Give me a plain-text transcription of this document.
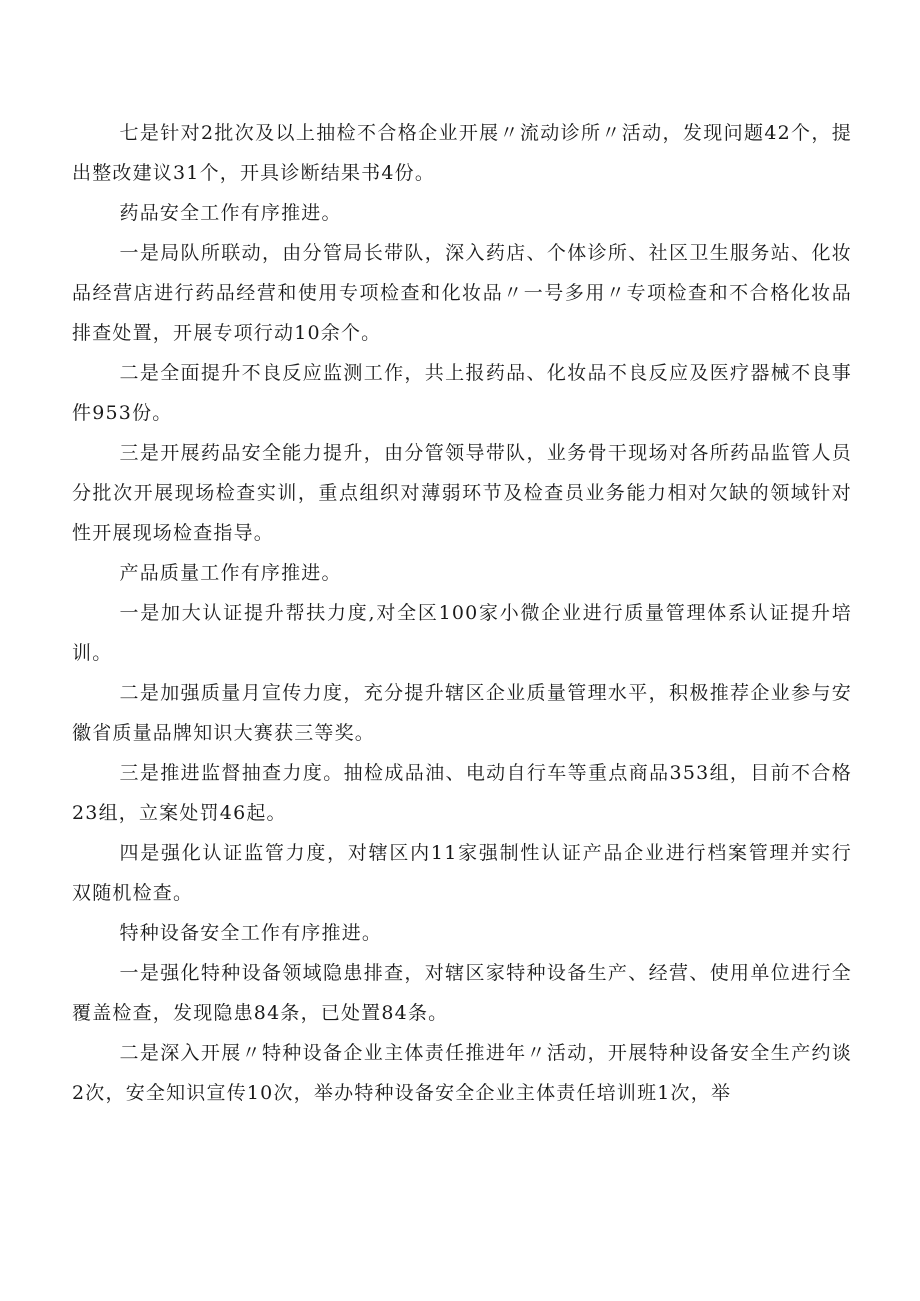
七是针对2批次及以上抽检不合格企业开展〃流动诊所〃活动，发现问题42个，提出整改建议31个，开具诊断结果书4份。

药品安全工作有序推进。

一是局队所联动，由分管局长带队，深入药店、个体诊所、社区卫生服务站、化妆品经营店进行药品经营和使用专项检查和化妆品〃一号多用〃专项检查和不合格化妆品排查处置，开展专项行动10余个。

二是全面提升不良反应监测工作，共上报药品、化妆品不良反应及医疗器械不良事件953份。

三是开展药品安全能力提升，由分管领导带队，业务骨干现场对各所药品监管人员分批次开展现场检查实训，重点组织对薄弱环节及检查员业务能力相对欠缺的领域针对性开展现场检查指导。

产品质量工作有序推进。

一是加大认证提升帮扶力度,对全区100家小微企业进行质量管理体系认证提升培训。

二是加强质量月宣传力度，充分提升辖区企业质量管理水平，积极推荐企业参与安徽省质量品牌知识大赛获三等奖。

三是推进监督抽查力度。抽检成品油、电动自行车等重点商品353组，目前不合格23组，立案处罚46起。

四是强化认证监管力度，对辖区内11家强制性认证产品企业进行档案管理并实行双随机检查。

特种设备安全工作有序推进。

一是强化特种设备领域隐患排查，对辖区家特种设备生产、经营、使用单位进行全覆盖检查，发现隐患84条，已处置84条。

二是深入开展〃特种设备企业主体责任推进年〃活动，开展特种设备安全生产约谈2次，安全知识宣传10次，举办特种设备安全企业主体责任培训班1次，举
